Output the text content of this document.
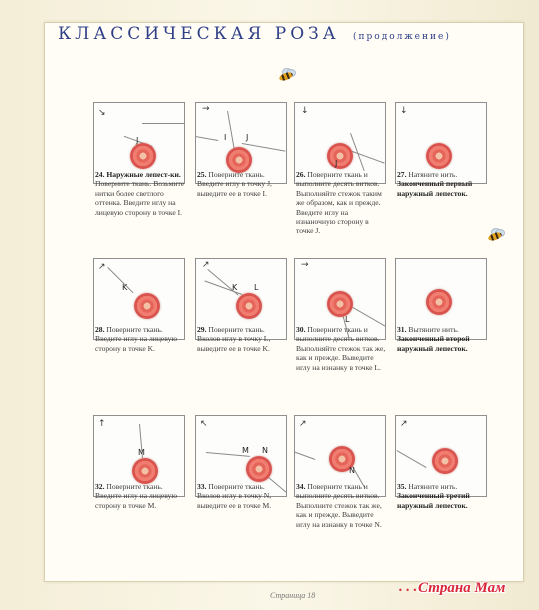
КЛАССИЧЕСКАЯ РОЗА (продолжение)
J
↘
24. Наружные лепест-ки. Поверните ткань. Возьмите нитки более светлого оттенка. Введите иглу на лицевую сторону в точке I.
I J
→
25. Поверните ткань. Введите иглу в точку J, выведите ее в точке I.
J
↓
26. Поверните ткань и выполните десять витков. Выполняйте стежок таким же образом, как и прежде. Введите иглу на изнаночную сторону в точке J.
↓
27. Натяните нить. Законченный первый наружный лепесток.
K
↗
28. Поверните ткань. Введите иглу на лицевую сторону в точке K.
K L
↗
29. Поверните ткань. Вколов иглу в точку L, выведите ее в точке K.
L
→
30. Поверните ткань и выполните десять витков. Выполняйте стежок так же, как и прежде. Выведите иглу на изнанку в точке L.
31. Вытяните нить. Законченный второй наружный лепесток.
M
↑
32. Поверните ткань. Введите иглу на лицевую сторону в точке M.
M N
↖
33. Поверните ткань. Вколов иглу в точку N, выведите ее в точке M.
N
↗
34. Поверните ткань и выполните десять витков. Выполните стежок так же, как и прежде. Выведите иглу на изнанку в точке N.
↗
35. Натяните нить. Законченный третий наружный лепесток.
Страница 18
• • • Страна Мам
